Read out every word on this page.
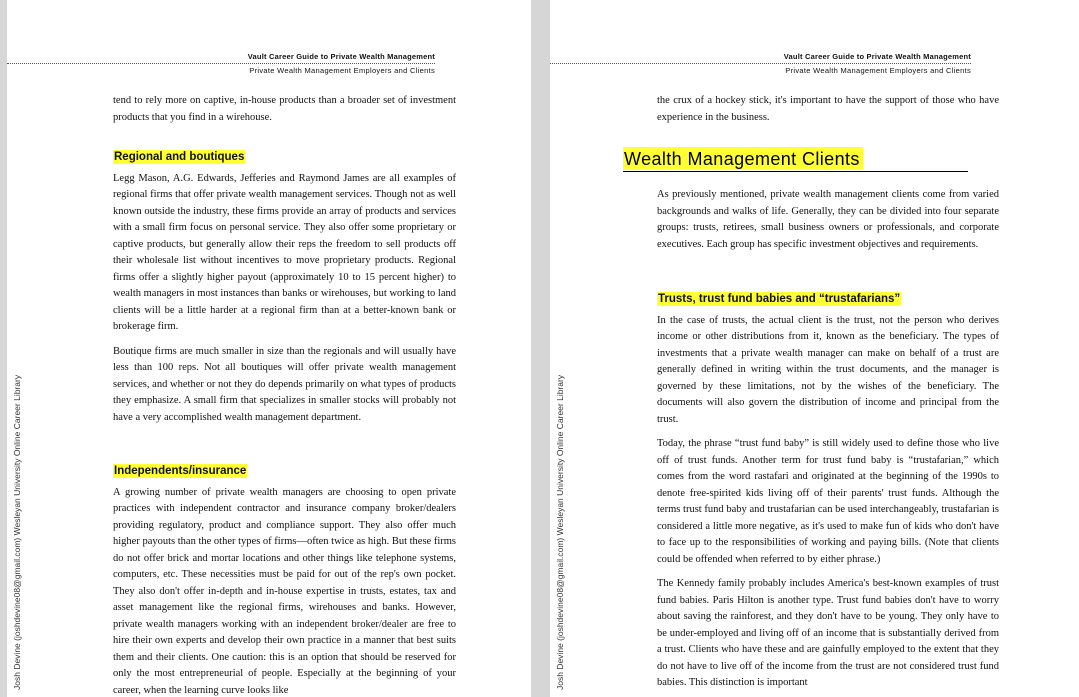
Vault Career Guide to Private Wealth Management
Private Wealth Management Employers and Clients
Josh Devine (joshdevine08@gmail.com) Wesleyan University Online Career Library

tend to rely more on captive, in-house products than a broader set of investment products that you find in a wirehouse.

Regional and boutiques

Legg Mason, A.G. Edwards, Jefferies and Raymond James are all examples of regional firms that offer private wealth management services. Though not as well known outside the industry, these firms provide an array of products and services with a small firm focus on personal service. They also offer some proprietary or captive products, but generally allow their reps the freedom to sell products off their wholesale list without incentives to move proprietary products. Regional firms offer a slightly higher payout (approximately 10 to 15 percent higher) to wealth managers in most instances than banks or wirehouses, but working to land clients will be a little harder at a regional firm than at a better-known bank or brokerage firm.

Boutique firms are much smaller in size than the regionals and will usually have less than 100 reps. Not all boutiques will offer private wealth management services, and whether or not they do depends primarily on what types of products they emphasize. A small firm that specializes in smaller stocks will probably not have a very accomplished wealth management department.

Independents/insurance

A growing number of private wealth managers are choosing to open private practices with independent contractor and insurance company broker/dealers providing regulatory, product and compliance support. They also offer much higher payouts than the other types of firms—often twice as high. But these firms do not offer brick and mortar locations and other things like telephone systems, computers, etc. These necessities must be paid for out of the rep's own pocket. They also don't offer in-depth and in-house expertise in trusts, estates, tax and asset management like the regional firms, wirehouses and banks. However, private wealth managers working with an independent broker/dealer are free to hire their own experts and develop their own practice in a manner that best suits them and their clients. One caution: this is an option that should be reserved for only the most entrepreneurial of people. Especially at the beginning of your career, when the learning curve looks like

Vault Career Guide to Private Wealth Management
Private Wealth Management Employers and Clients
Josh Devine (joshdevine08@gmail.com) Wesleyan University Online Career Library

the crux of a hockey stick, it's important to have the support of those who have experience in the business.

Wealth Management Clients

As previously mentioned, private wealth management clients come from varied backgrounds and walks of life. Generally, they can be divided into four separate groups: trusts, retirees, small business owners or professionals, and corporate executives. Each group has specific investment objectives and requirements.

Trusts, trust fund babies and “trustafarians”

In the case of trusts, the actual client is the trust, not the person who derives income or other distributions from it, known as the beneficiary. The types of investments that a private wealth manager can make on behalf of a trust are generally defined in writing within the trust documents, and the manager is governed by these limitations, not by the wishes of the beneficiary. The documents will also govern the distribution of income and principal from the trust.

Today, the phrase “trust fund baby” is still widely used to define those who live off of trust funds. Another term for trust fund baby is “trustafarian,” which comes from the word rastafari and originated at the beginning of the 1990s to denote free-spirited kids living off of their parents' trust funds. Although the terms trust fund baby and trustafarian can be used interchangeably, trustafarian is considered a little more negative, as it's used to make fun of kids who don't have to face up to the responsibilities of working and paying bills. (Note that clients could be offended when referred to by either phrase.)

The Kennedy family probably includes America's best-known examples of trust fund babies. Paris Hilton is another type. Trust fund babies don't have to worry about saving the rainforest, and they don't have to be young. They only have to be under-employed and living off of an income that is substantially derived from a trust. Clients who have these and are gainfully employed to the extent that they do not have to live off of the income from the trust are not considered trust fund babies. This distinction is important
